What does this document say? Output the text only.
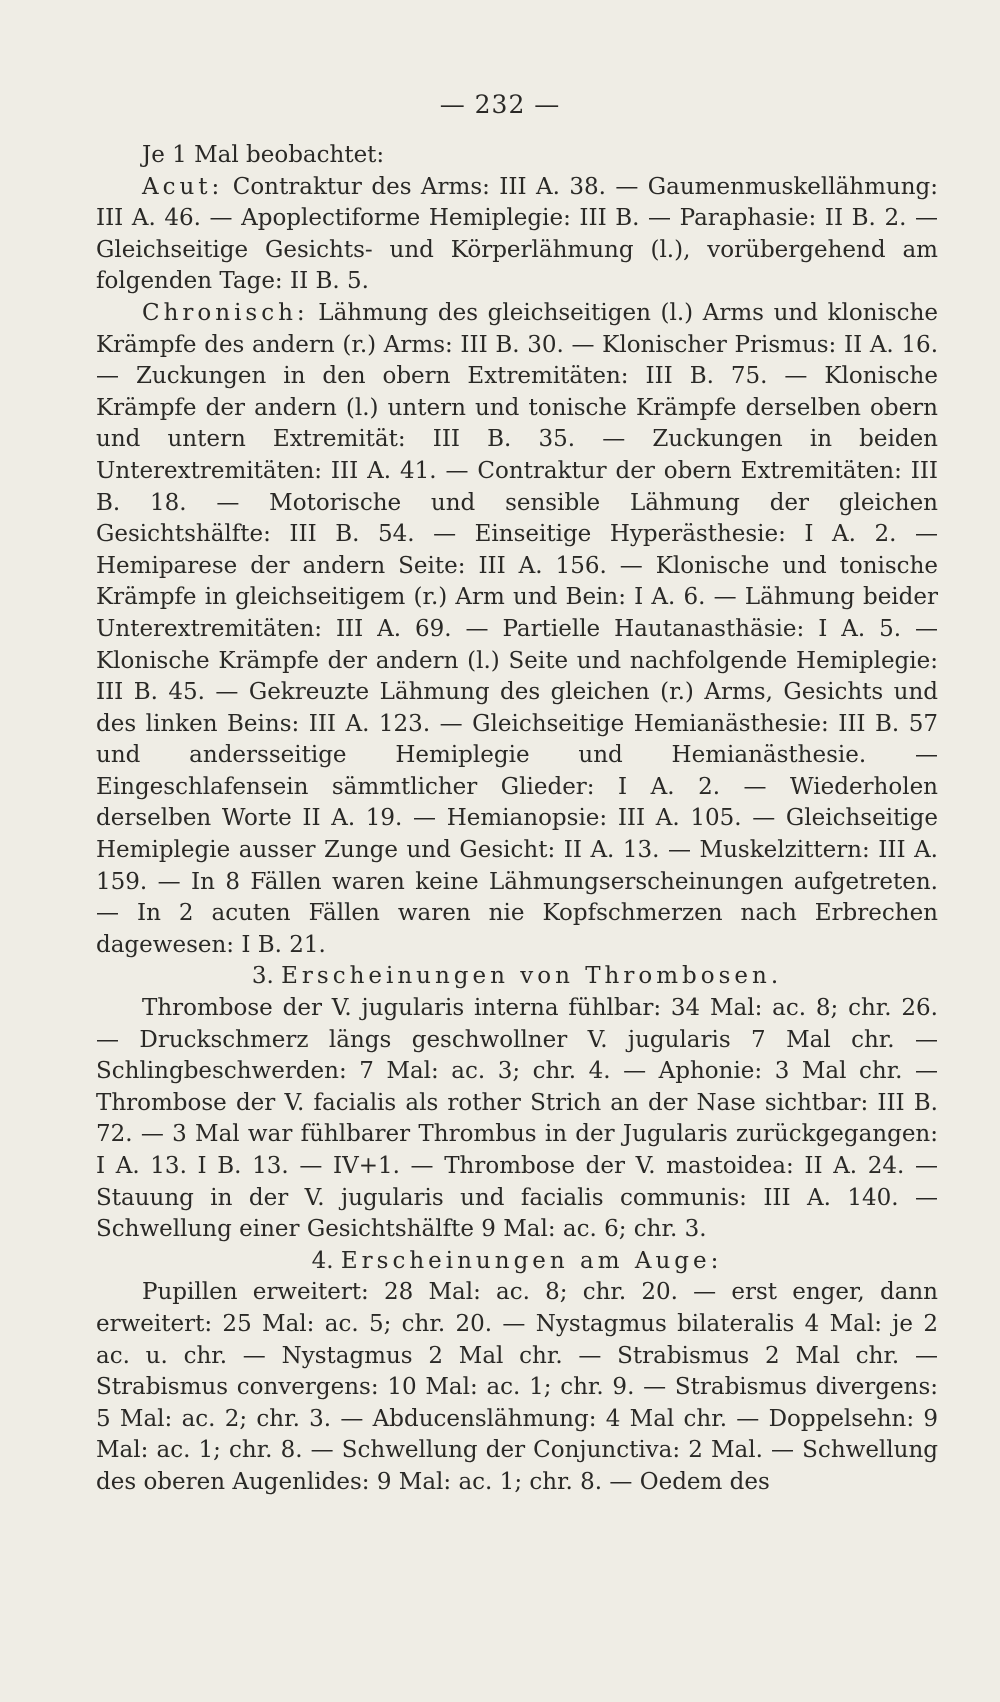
— 232 —

Je 1 Mal beobachtet:

Acut: Contraktur des Arms: III A. 38. — Gaumenmuskellähmung: III A. 46. — Apoplectiforme Hemiplegie: III B. — Paraphasie: II B. 2. — Gleichseitige Gesichts- und Körperlähmung (l.), vorübergehend am folgenden Tage: II B. 5.

Chronisch: Lähmung des gleichseitigen (l.) Arms und klonische Krämpfe des andern (r.) Arms: III B. 30. — Klonischer Prismus: II A. 16. — Zuckungen in den obern Extremitäten: III B. 75. — Klonische Krämpfe der andern (l.) untern und tonische Krämpfe derselben obern und untern Extremität: III B. 35. — Zuckungen in beiden Unterextremitäten: III A. 41. — Contraktur der obern Extremitäten: III B. 18. — Motorische und sensible Lähmung der gleichen Gesichtshälfte: III B. 54. — Einseitige Hyperästhesie: I A. 2. — Hemiparese der andern Seite: III A. 156. — Klonische und tonische Krämpfe in gleichseitigem (r.) Arm und Bein: I A. 6. — Lähmung beider Unterextremitäten: III A. 69. — Partielle Hautanasthäsie: I A. 5. — Klonische Krämpfe der andern (l.) Seite und nachfolgende Hemiplegie: III B. 45. — Gekreuzte Lähmung des gleichen (r.) Arms, Gesichts und des linken Beins: III A. 123. — Gleichseitige Hemianästhesie: III B. 57 und andersseitige Hemiplegie und Hemianästhesie. — Eingeschlafensein sämmtlicher Glieder: I A. 2. — Wiederholen derselben Worte II A. 19. — Hemianopsie: III A. 105. — Gleichseitige Hemiplegie ausser Zunge und Gesicht: II A. 13. — Muskelzittern: III A. 159. — In 8 Fällen waren keine Lähmungserscheinungen aufgetreten. — In 2 acuten Fällen waren nie Kopfschmerzen nach Erbrechen dagewesen: I B. 21.

3. Erscheinungen von Thrombosen.

Thrombose der V. jugularis interna fühlbar: 34 Mal: ac. 8; chr. 26. — Druckschmerz längs geschwollner V. jugularis 7 Mal chr. — Schlingbeschwerden: 7 Mal: ac. 3; chr. 4. — Aphonie: 3 Mal chr. — Thrombose der V. facialis als rother Strich an der Nase sichtbar: III B. 72. — 3 Mal war fühlbarer Thrombus in der Jugularis zurückgegangen: I A. 13. I B. 13. — IV+1. — Thrombose der V. mastoidea: II A. 24. — Stauung in der V. jugularis und facialis communis: III A. 140. — Schwellung einer Gesichtshälfte 9 Mal: ac. 6; chr. 3.

4. Erscheinungen am Auge:

Pupillen erweitert: 28 Mal: ac. 8; chr. 20. — erst enger, dann erweitert: 25 Mal: ac. 5; chr. 20. — Nystagmus bilateralis 4 Mal: je 2 ac. u. chr. — Nystagmus 2 Mal chr. — Strabismus 2 Mal chr. — Strabismus convergens: 10 Mal: ac. 1; chr. 9. — Strabismus divergens: 5 Mal: ac. 2; chr. 3. — Abducenslähmung: 4 Mal chr. — Doppelsehn: 9 Mal: ac. 1; chr. 8. — Schwellung der Conjunctiva: 2 Mal. — Schwellung des oberen Augenlides: 9 Mal: ac. 1; chr. 8. — Oedem des
